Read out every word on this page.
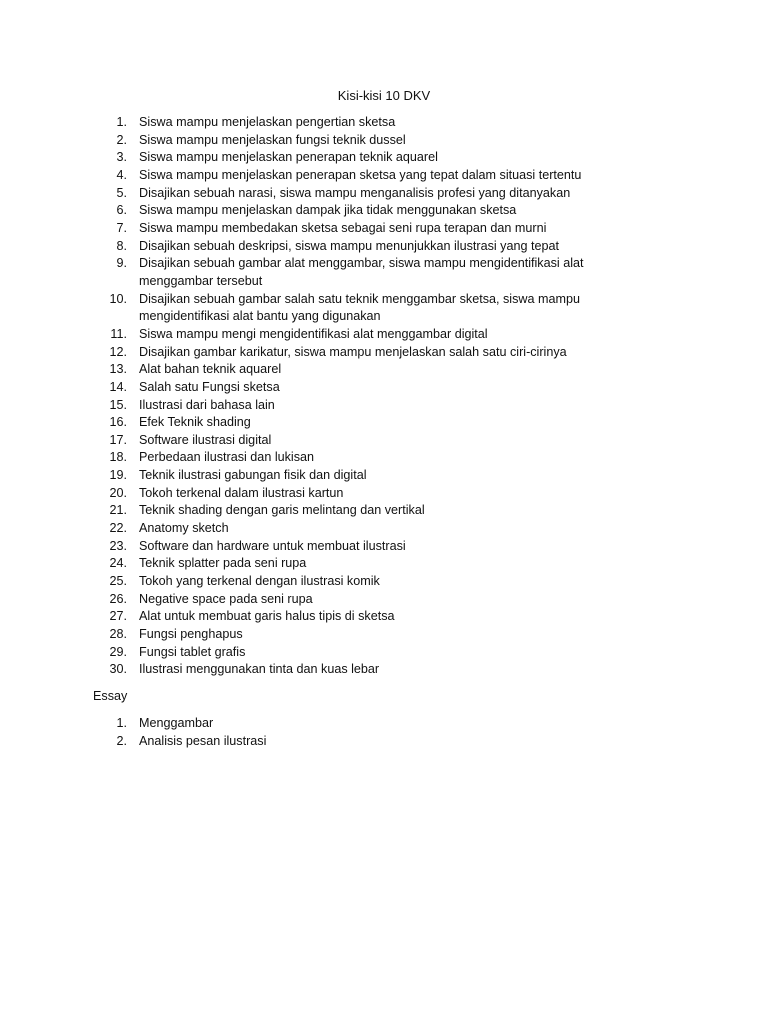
Kisi-kisi 10 DKV
1. Siswa mampu menjelaskan pengertian sketsa
2. Siswa mampu menjelaskan fungsi teknik dussel
3. Siswa mampu menjelaskan penerapan teknik aquarel
4. Siswa mampu menjelaskan penerapan sketsa yang tepat dalam situasi tertentu
5. Disajikan sebuah narasi, siswa mampu menganalisis profesi yang ditanyakan
6. Siswa mampu menjelaskan dampak jika tidak menggunakan sketsa
7. Siswa mampu membedakan sketsa sebagai seni rupa terapan dan murni
8. Disajikan sebuah deskripsi, siswa mampu menunjukkan ilustrasi yang tepat
9. Disajikan sebuah gambar alat menggambar, siswa mampu mengidentifikasi alat menggambar tersebut
10. Disajikan sebuah gambar salah satu teknik menggambar sketsa, siswa mampu mengidentifikasi alat bantu yang digunakan
11. Siswa mampu mengi mengidentifikasi alat menggambar digital
12. Disajikan gambar karikatur, siswa mampu menjelaskan salah satu ciri-cirinya
13. Alat bahan teknik aquarel
14. Salah satu Fungsi sketsa
15. Ilustrasi dari bahasa lain
16. Efek Teknik shading
17. Software ilustrasi digital
18. Perbedaan ilustrasi dan lukisan
19. Teknik ilustrasi gabungan fisik dan digital
20. Tokoh terkenal dalam ilustrasi kartun
21. Teknik shading dengan garis melintang dan vertikal
22. Anatomy sketch
23. Software dan hardware untuk membuat ilustrasi
24. Teknik splatter pada seni rupa
25. Tokoh yang terkenal dengan ilustrasi komik
26. Negative space pada seni rupa
27. Alat untuk membuat garis halus tipis di sketsa
28. Fungsi penghapus
29. Fungsi tablet grafis
30. Ilustrasi menggunakan tinta dan kuas lebar
Essay
1. Menggambar
2. Analisis pesan ilustrasi
